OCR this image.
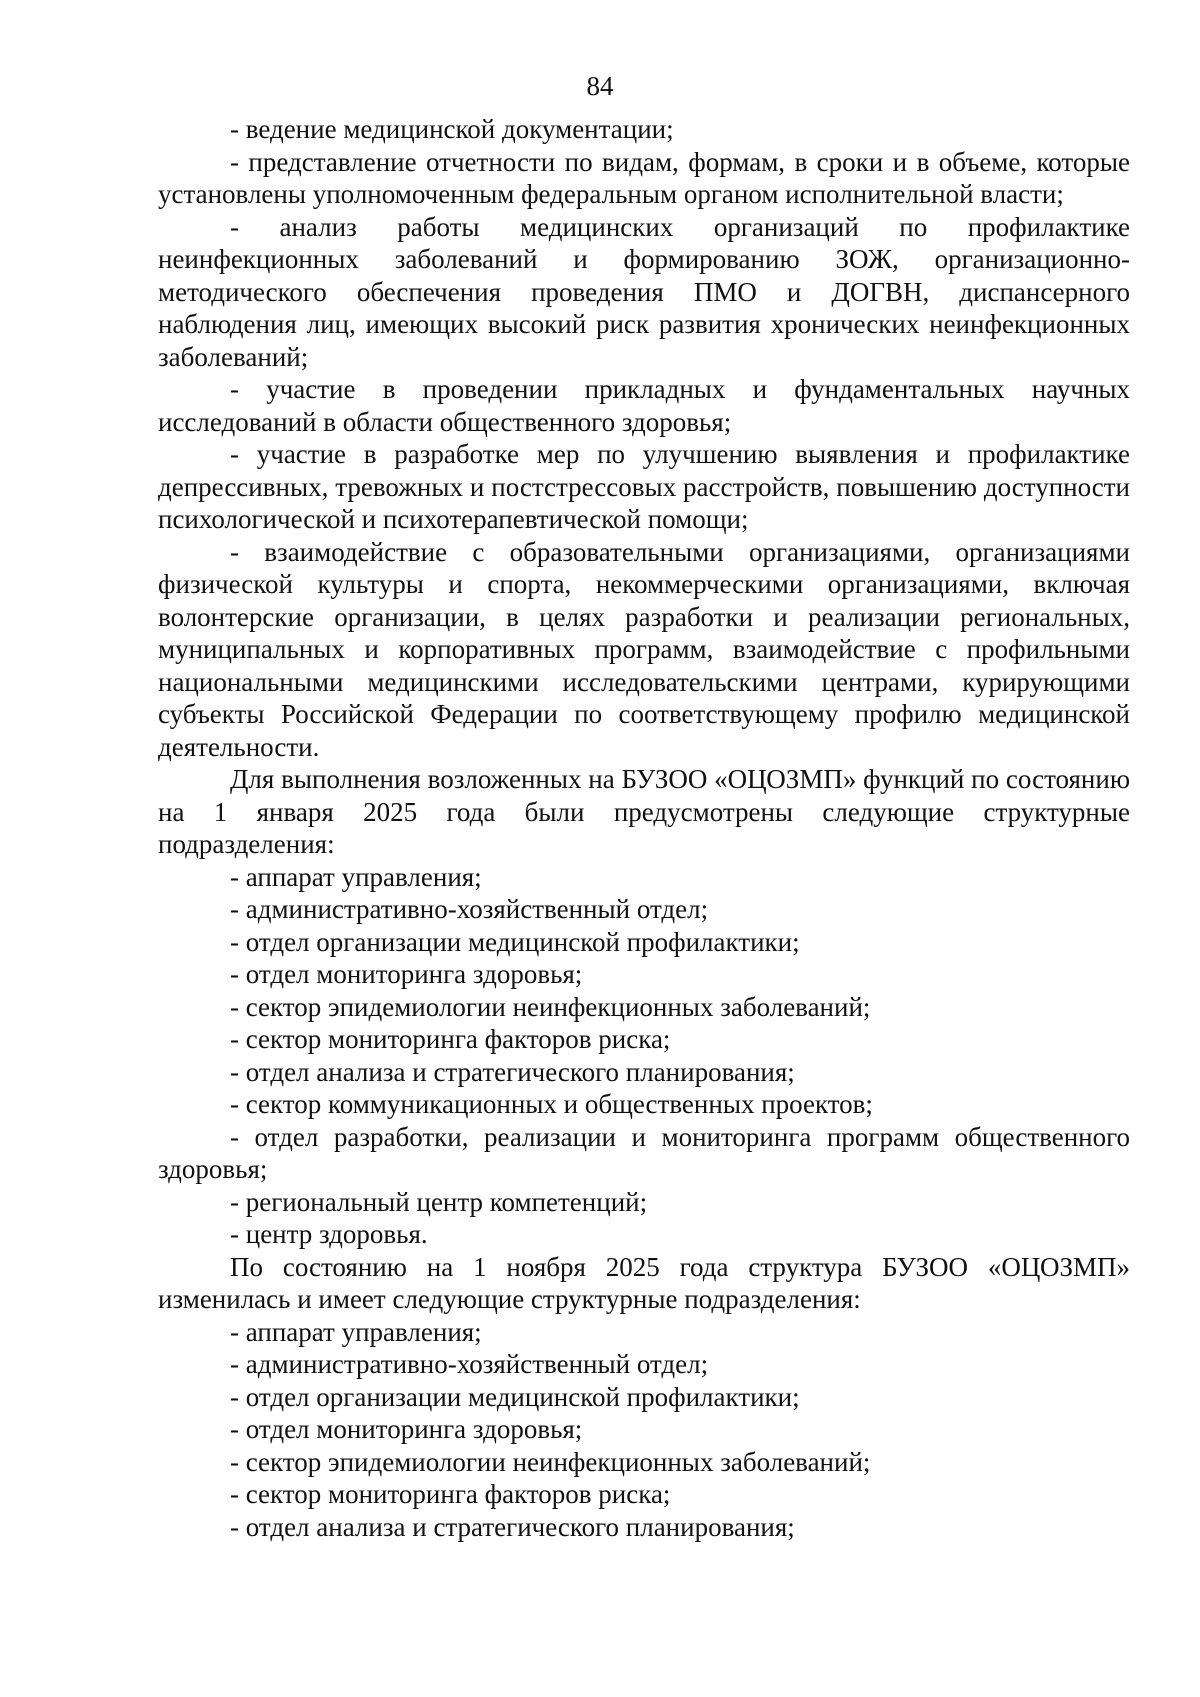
84

- ведение медицинской документации;

- представление отчетности по видам, формам, в сроки и в объеме, которые установлены уполномоченным федеральным органом исполнительной власти;

- анализ работы медицинских организаций по профилактике неинфекционных заболеваний и формированию ЗОЖ, организационно-методического обеспечения проведения ПМО и ДОГВН, диспансерного наблюдения лиц, имеющих высокий риск развития хронических неинфекционных заболеваний;

- участие в проведении прикладных и фундаментальных научных исследований в области общественного здоровья;

- участие в разработке мер по улучшению выявления и профилактике депрессивных, тревожных и постстрессовых расстройств, повышению доступности психологической и психотерапевтической помощи;

- взаимодействие с образовательными организациями, организациями физической культуры и спорта, некоммерческими организациями, включая волонтерские организации, в целях разработки и реализации региональных, муниципальных и корпоративных программ, взаимодействие с профильными национальными медицинскими исследовательскими центрами, курирующими субъекты Российской Федерации по соответствующему профилю медицинской деятельности.

Для выполнения возложенных на БУЗОО «ОЦОЗМП» функций по состоянию на 1 января 2025 года были предусмотрены следующие структурные подразделения:

- аппарат управления;

- административно-хозяйственный отдел;

- отдел организации медицинской профилактики;

- отдел мониторинга здоровья;

- сектор эпидемиологии неинфекционных заболеваний;

- сектор мониторинга факторов риска;

- отдел анализа и стратегического планирования;

- сектор коммуникационных и общественных проектов;

- отдел разработки, реализации и мониторинга программ общественного здоровья;

- региональный центр компетенций;

- центр здоровья.

По состоянию на 1 ноября 2025 года структура БУЗОО «ОЦОЗМП» изменилась и имеет следующие структурные подразделения:

- аппарат управления;

- административно-хозяйственный отдел;

- отдел организации медицинской профилактики;

- отдел мониторинга здоровья;

- сектор эпидемиологии неинфекционных заболеваний;

- сектор мониторинга факторов риска;

- отдел анализа и стратегического планирования;
